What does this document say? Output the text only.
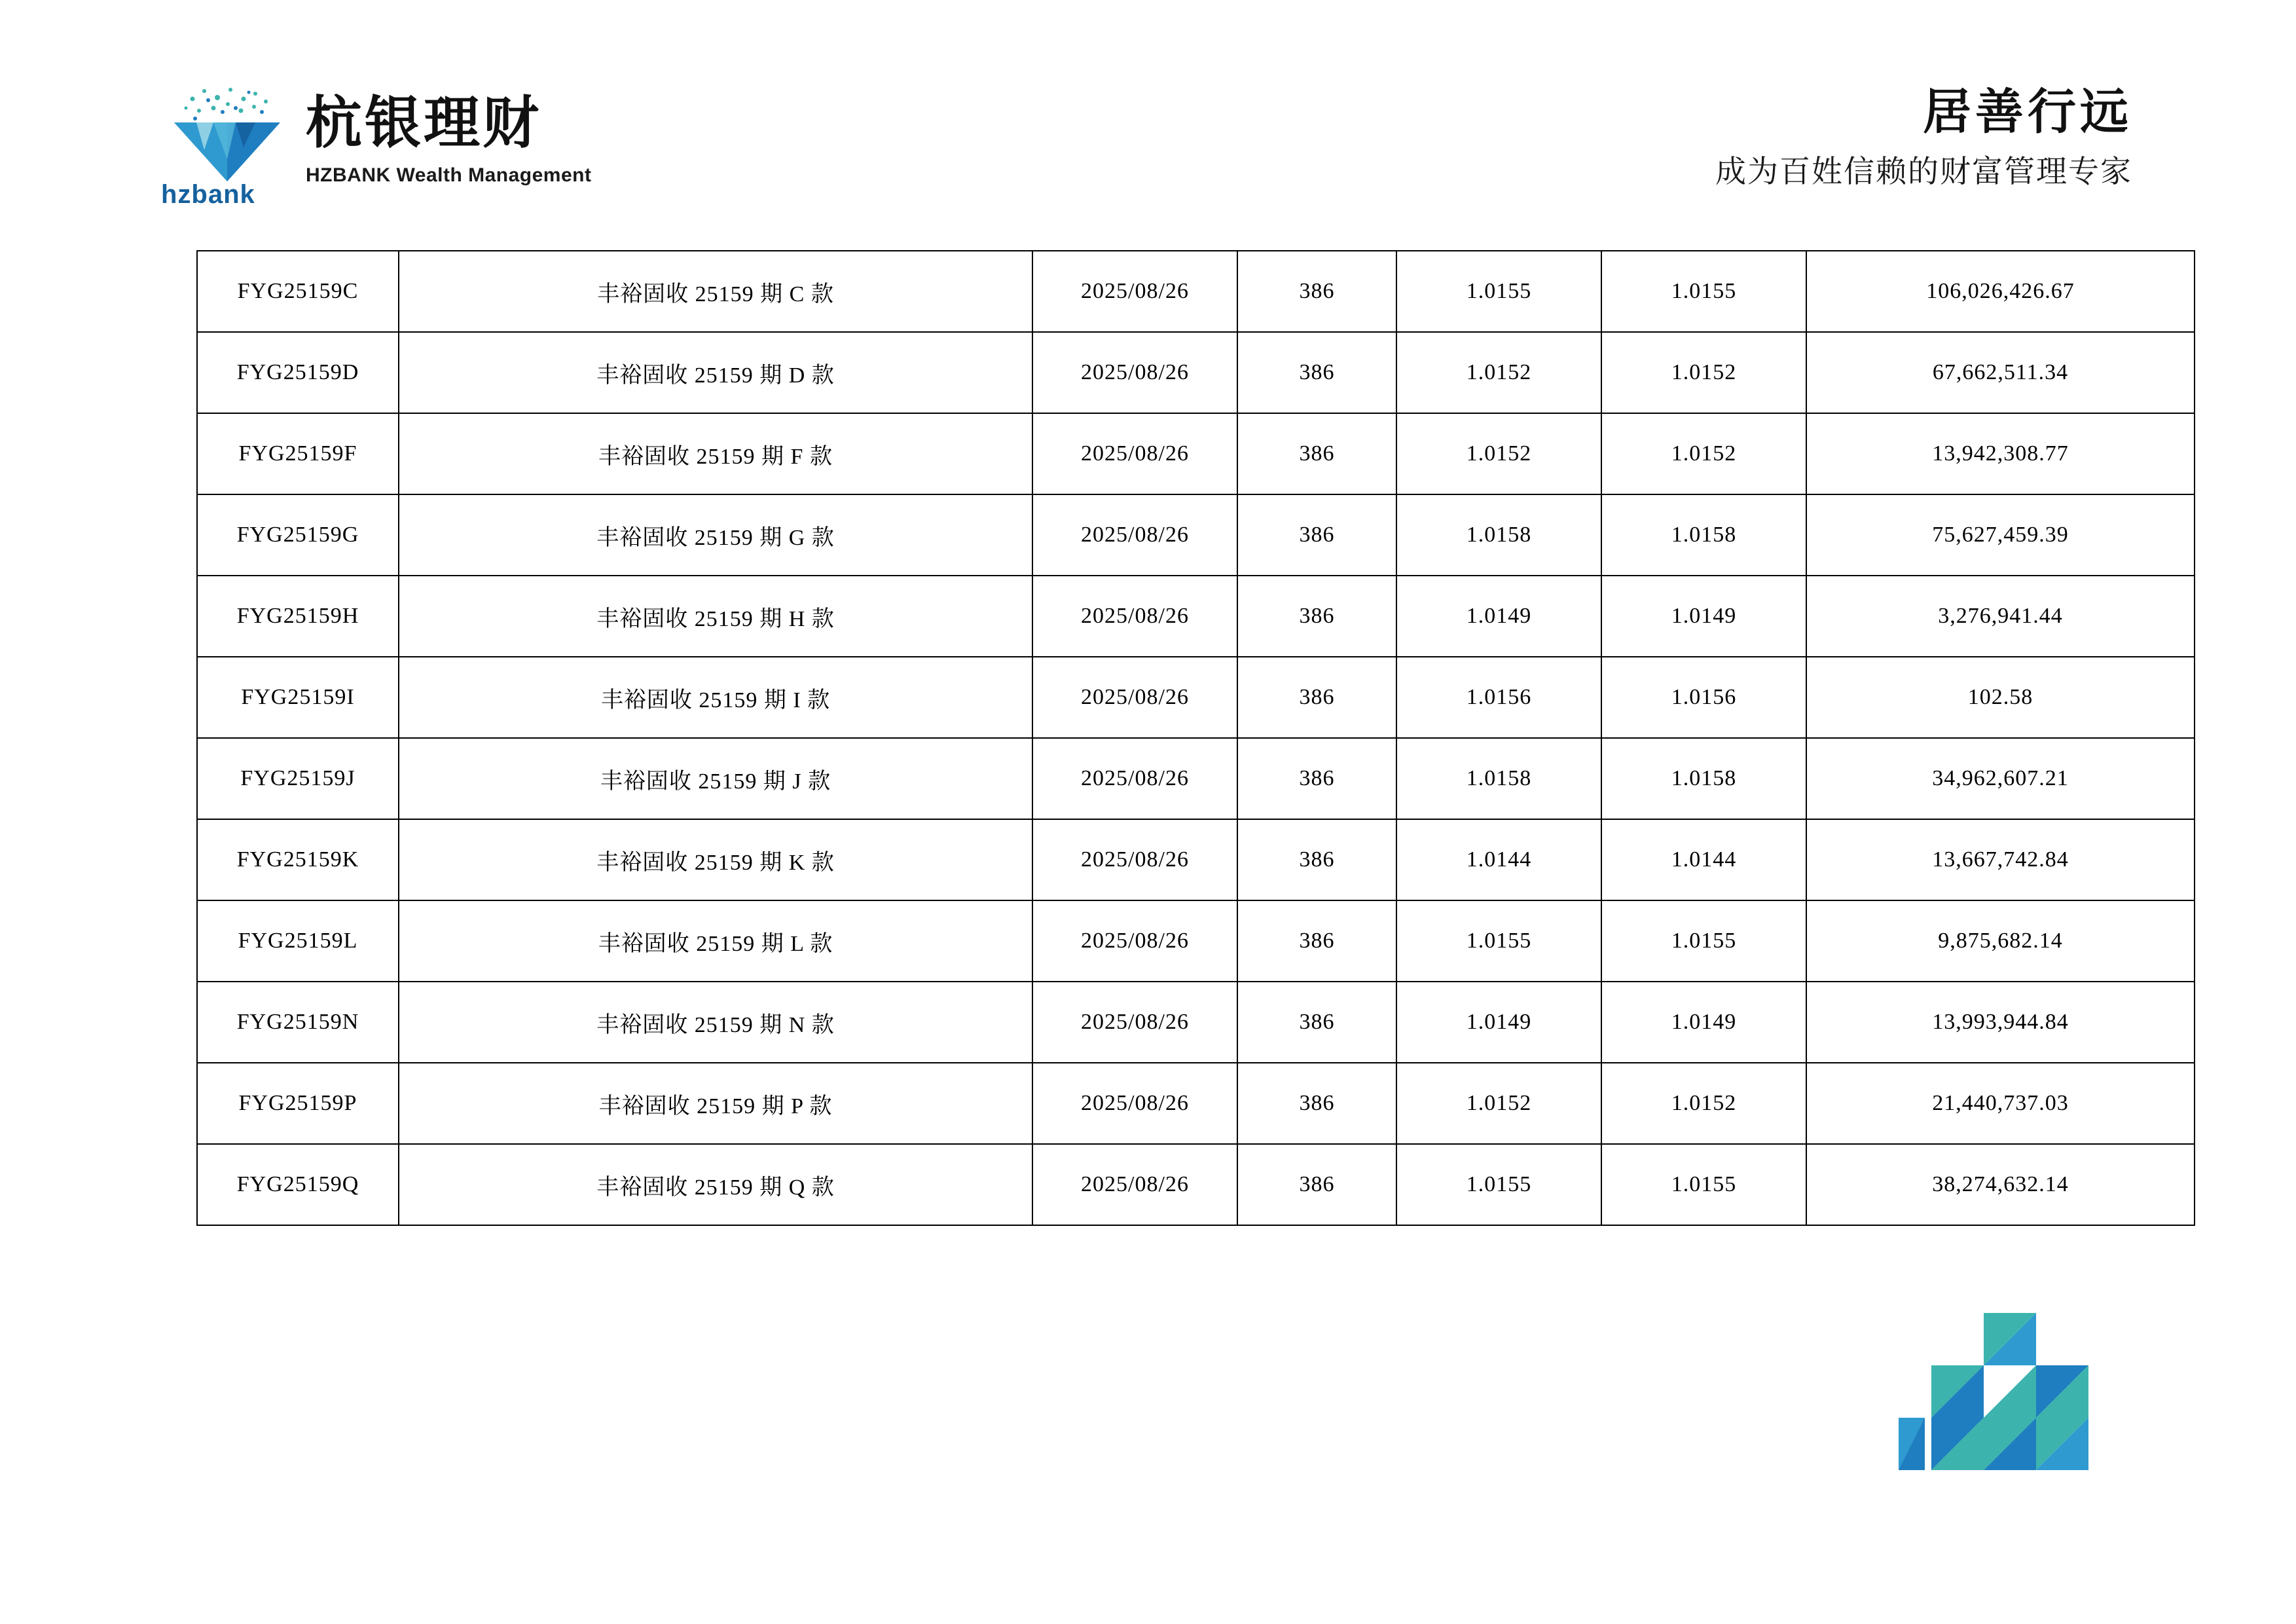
hzbank
杭银理财
HZBANK Wealth Management
居善行远
成为百姓信赖的财富管理专家
FYG25159C	丰裕固收 25159 期 C 款	2025/08/26	386	1.0155	1.0155	106,026,426.67
FYG25159D	丰裕固收 25159 期 D 款	2025/08/26	386	1.0152	1.0152	67,662,511.34
FYG25159F	丰裕固收 25159 期 F 款	2025/08/26	386	1.0152	1.0152	13,942,308.77
FYG25159G	丰裕固收 25159 期 G 款	2025/08/26	386	1.0158	1.0158	75,627,459.39
FYG25159H	丰裕固收 25159 期 H 款	2025/08/26	386	1.0149	1.0149	3,276,941.44
FYG25159I	丰裕固收 25159 期 I 款	2025/08/26	386	1.0156	1.0156	102.58
FYG25159J	丰裕固收 25159 期 J 款	2025/08/26	386	1.0158	1.0158	34,962,607.21
FYG25159K	丰裕固收 25159 期 K 款	2025/08/26	386	1.0144	1.0144	13,667,742.84
FYG25159L	丰裕固收 25159 期 L 款	2025/08/26	386	1.0155	1.0155	9,875,682.14
FYG25159N	丰裕固收 25159 期 N 款	2025/08/26	386	1.0149	1.0149	13,993,944.84
FYG25159P	丰裕固收 25159 期 P 款	2025/08/26	386	1.0152	1.0152	21,440,737.03
FYG25159Q	丰裕固收 25159 期 Q 款	2025/08/26	386	1.0155	1.0155	38,274,632.14
